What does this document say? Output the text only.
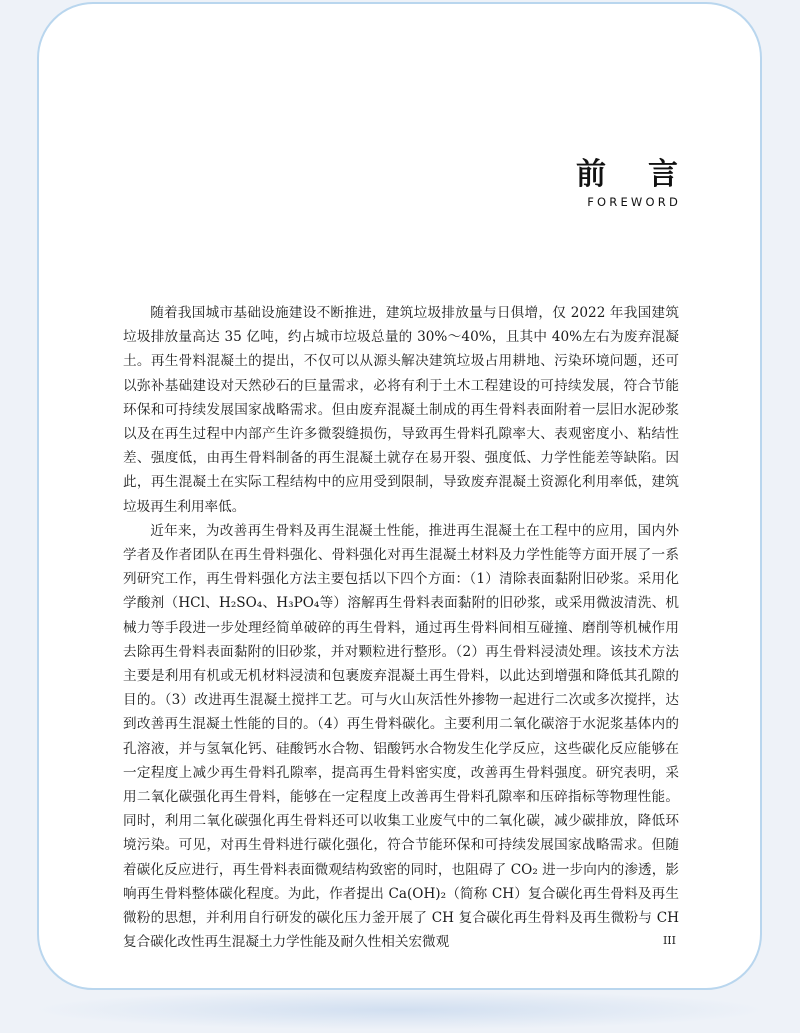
前言
FOREWORD

随着我国城市基础设施建设不断推进，建筑垃圾排放量与日俱增，仅 2022 年我国建筑垃圾排放量高达 35 亿吨，约占城市垃圾总量的 30%～40%，且其中 40%左右为废弃混凝土。再生骨料混凝土的提出，不仅可以从源头解决建筑垃圾占用耕地、污染环境问题，还可以弥补基础建设对天然砂石的巨量需求，必将有利于土木工程建设的可持续发展，符合节能环保和可持续发展国家战略需求。但由废弃混凝土制成的再生骨料表面附着一层旧水泥砂浆以及在再生过程中内部产生许多微裂缝损伤，导致再生骨料孔隙率大、表观密度小、粘结性差、强度低，由再生骨料制备的再生混凝土就存在易开裂、强度低、力学性能差等缺陷。因此，再生混凝土在实际工程结构中的应用受到限制，导致废弃混凝土资源化利用率低，建筑垃圾再生利用率低。

近年来，为改善再生骨料及再生混凝土性能，推进再生混凝土在工程中的应用，国内外学者及作者团队在再生骨料强化、骨料强化对再生混凝土材料及力学性能等方面开展了一系列研究工作，再生骨料强化方法主要包括以下四个方面：（1）清除表面黏附旧砂浆。采用化学酸剂（HCl、H₂SO₄、H₃PO₄等）溶解再生骨料表面黏附的旧砂浆，或采用微波清洗、机械力等手段进一步处理经简单破碎的再生骨料，通过再生骨料间相互碰撞、磨削等机械作用去除再生骨料表面黏附的旧砂浆，并对颗粒进行整形。（2）再生骨料浸渍处理。该技术方法主要是利用有机或无机材料浸渍和包裹废弃混凝土再生骨料，以此达到增强和降低其孔隙的目的。（3）改进再生混凝土搅拌工艺。可与火山灰活性外掺物一起进行二次或多次搅拌，达到改善再生混凝土性能的目的。（4）再生骨料碳化。主要利用二氧化碳溶于水泥浆基体内的孔溶液，并与氢氧化钙、硅酸钙水合物、铝酸钙水合物发生化学反应，这些碳化反应能够在一定程度上减少再生骨料孔隙率，提高再生骨料密实度，改善再生骨料强度。研究表明，采用二氧化碳强化再生骨料，能够在一定程度上改善再生骨料孔隙率和压碎指标等物理性能。同时，利用二氧化碳强化再生骨料还可以收集工业废气中的二氧化碳，减少碳排放，降低环境污染。可见，对再生骨料进行碳化强化，符合节能环保和可持续发展国家战略需求。但随着碳化反应进行，再生骨料表面微观结构致密的同时，也阻碍了 CO₂ 进一步向内的渗透，影响再生骨料整体碳化程度。为此，作者提出 Ca(OH)₂（简称 CH）复合碳化再生骨料及再生微粉的思想，并利用自行研发的碳化压力釜开展了 CH 复合碳化再生骨料及再生微粉与 CH 复合碳化改性再生混凝土力学性能及耐久性相关宏微观	III
